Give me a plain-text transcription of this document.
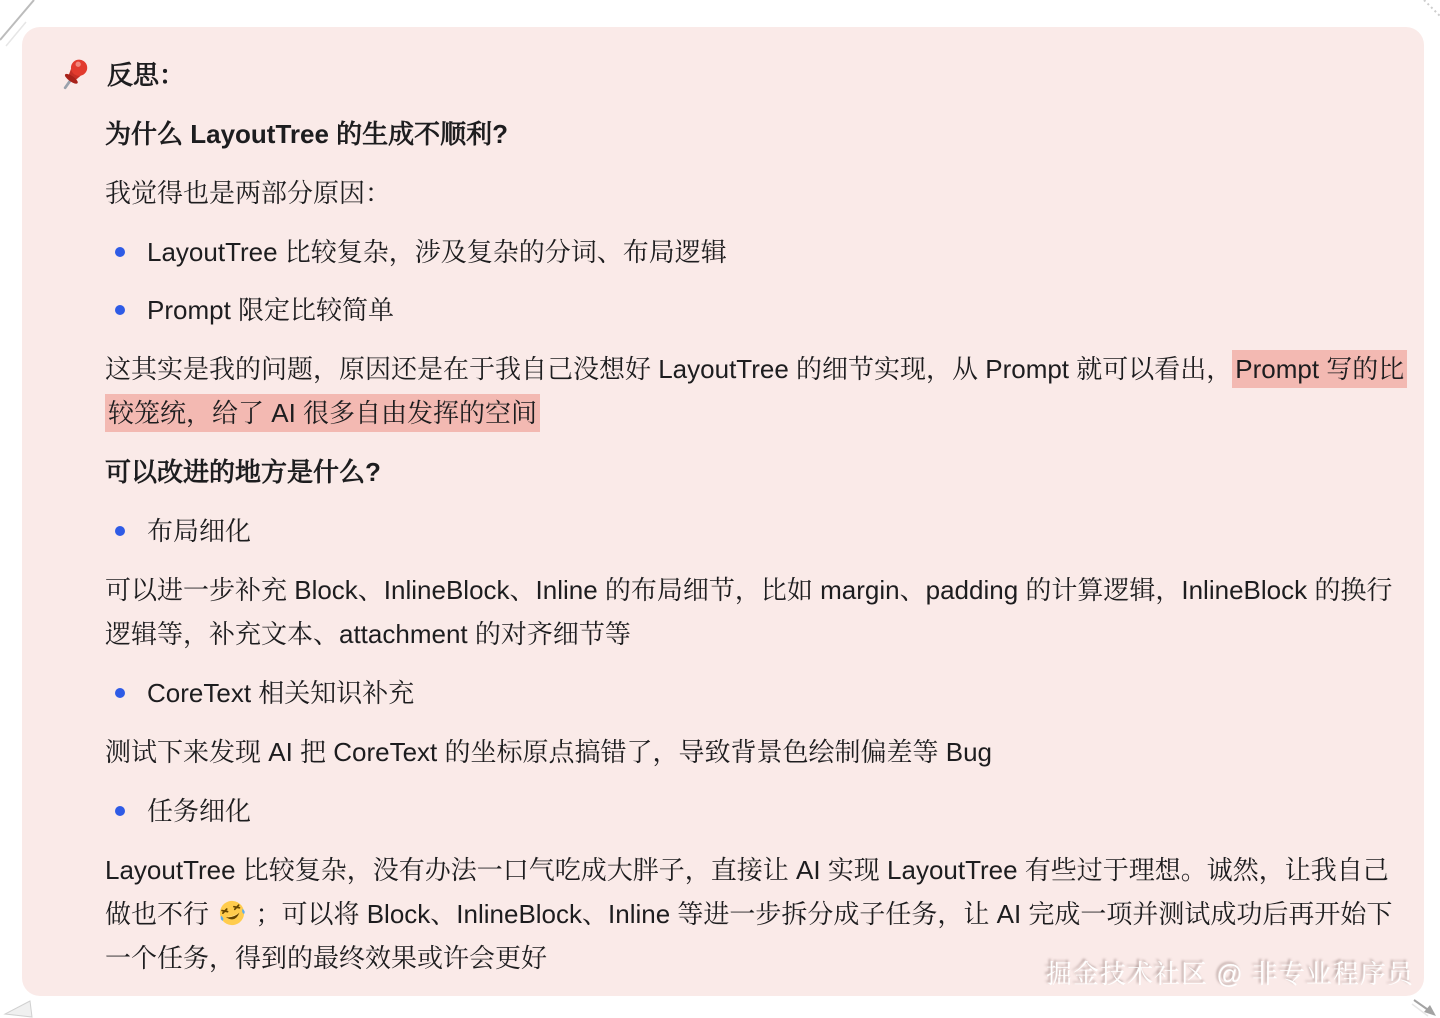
反思：
为什么 LayoutTree 的生成不顺利?
我觉得也是两部分原因：
LayoutTree 比较复杂，涉及复杂的分词、布局逻辑
Prompt 限定比较简单
这其实是我的问题，原因还是在于我自己没想好 LayoutTree 的细节实现，从 Prompt 就可以看出， Prompt 写的比较笼统，给了 AI 很多自由发挥的空间
可以改进的地方是什么?
布局细化
可以进一步补充 Block、InlineBlock、Inline 的布局细节，比如 margin、padding 的计算逻辑，InlineBlock 的换行逻辑等，补充文本、attachment 的对齐细节等
CoreText 相关知识补充
测试下来发现 AI 把 CoreText 的坐标原点搞错了，导致背景色绘制偏差等 Bug
任务细化
LayoutTree 比较复杂，没有办法一口气吃成大胖子，直接让 AI 实现 LayoutTree 有些过于理想。诚然，让我自己做也不行 ；可以将 Block、InlineBlock、Inline 等进一步拆分成子任务，让 AI 完成一项并测试成功后再开始下一个任务，得到的最终效果或许会更好
掘金技术社区 @ 非专业程序员
